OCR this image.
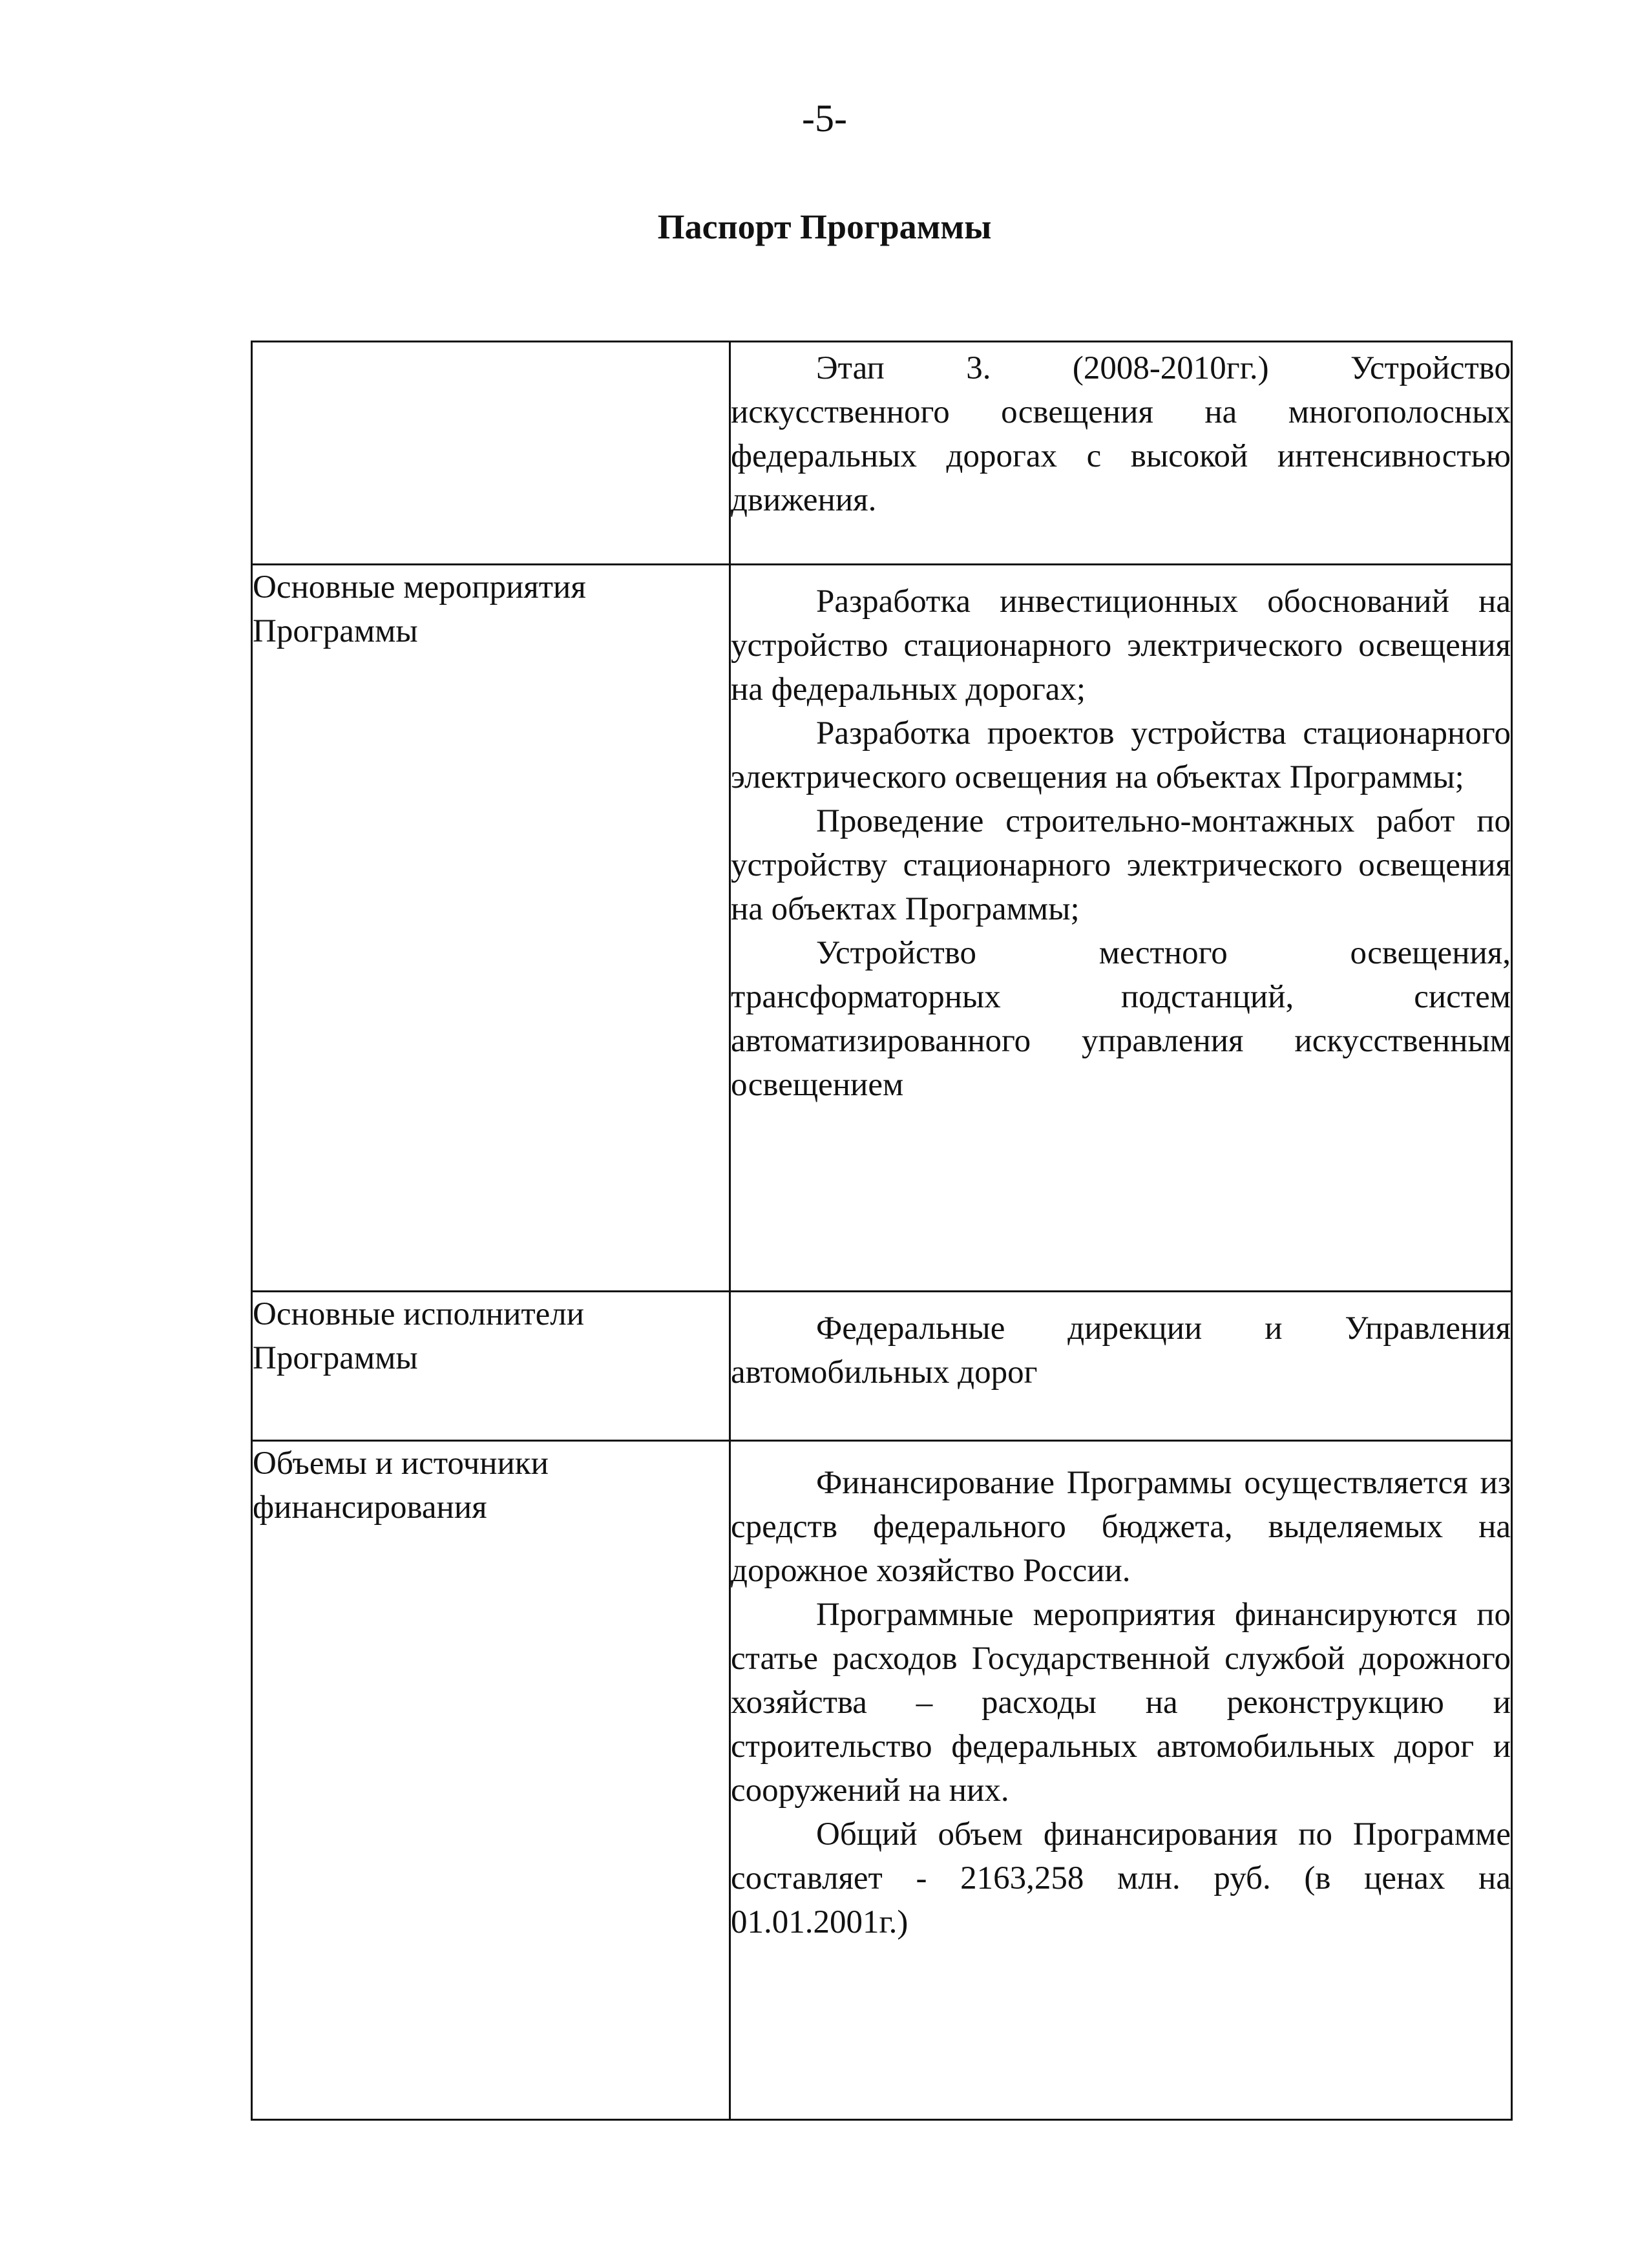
-5-
Паспорт Программы

	Этап 3. (2008-2010гг.) Устройство искусственного освещения на многополосных федеральных дорогах с высокой интенсивностью движения.

Основные мероприятия Программы	Разработка инвестиционных обоснований на устройство стационарного электрического освещения на федеральных дорогах;

Разработка проектов устройства стационарного электрического освещения на объектах Программы;

Проведение строительно-монтажных работ по устройству стационарного электрического освещения на объектах Программы;

Устройство местного освещения, трансформаторных подстанций, систем автоматизированного управления искусственным освещением

Основные исполнители Программы	Федеральные дирекции и Управления автомобильных дорог

Объемы и источники финансирования	Финансирование Программы осуществляется из средств федерального бюджета, выделяемых на дорожное хозяйство России.

Программные мероприятия финансируются по статье расходов Государственной службой дорожного хозяйства – расходы на реконструкцию и строительство федеральных автомобильных дорог и сооружений на них.

Общий объем финансирования по Программе составляет - 2163,258 млн. руб. (в ценах на 01.01.2001г.)
